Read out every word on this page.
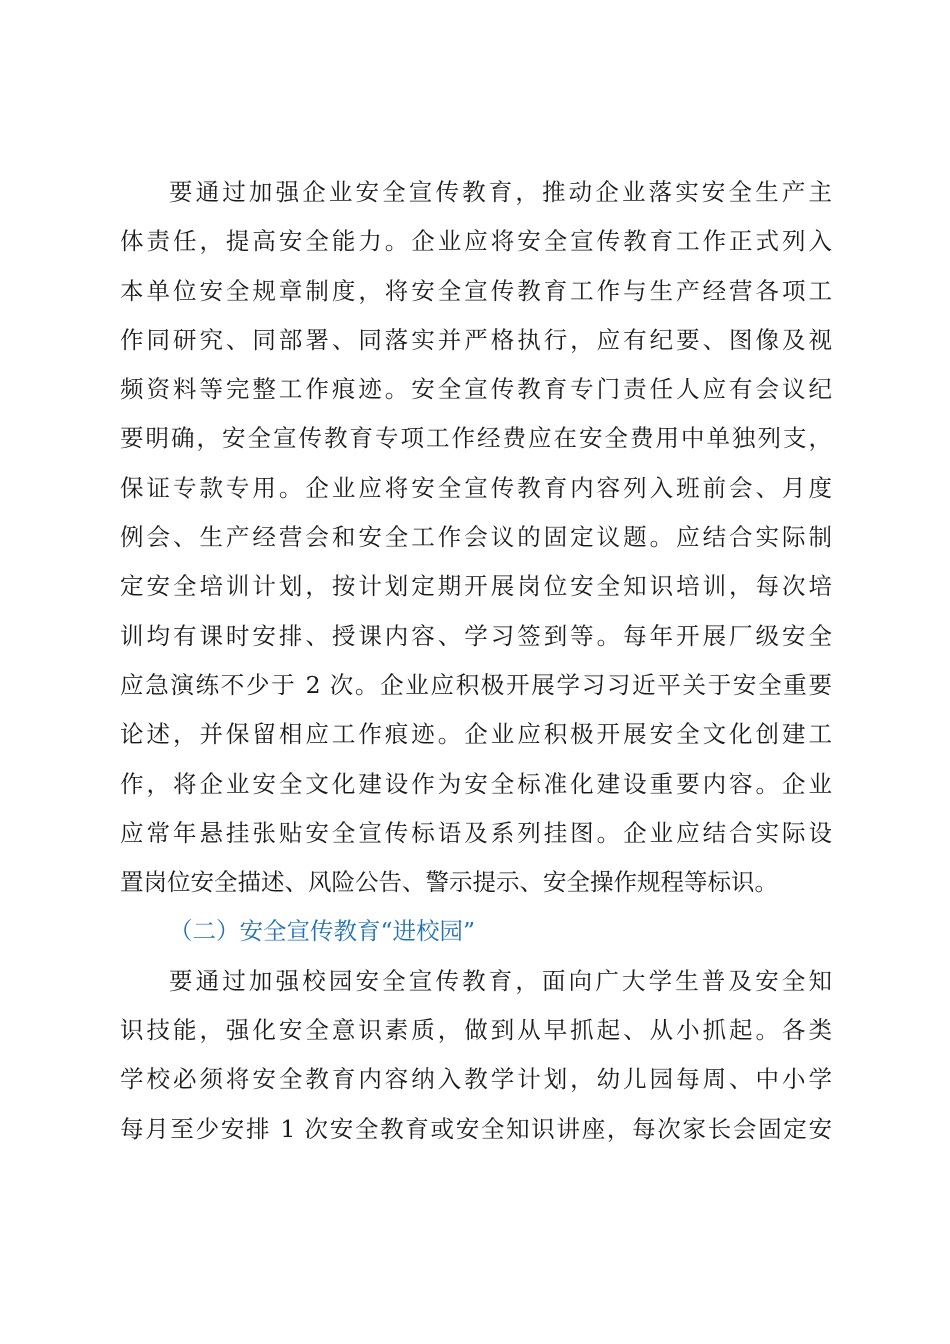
要通过加强企业安全宣传教育，推动企业落实安全生产主
体责任，提高安全能力。企业应将安全宣传教育工作正式列入
本单位安全规章制度，将安全宣传教育工作与生产经营各项工
作同研究、同部署、同落实并严格执行，应有纪要、图像及视
频资料等完整工作痕迹。安全宣传教育专门责任人应有会议纪
要明确，安全宣传教育专项工作经费应在安全费用中单独列支，
保证专款专用。企业应将安全宣传教育内容列入班前会、月度
例会、生产经营会和安全工作会议的固定议题。应结合实际制
定安全培训计划，按计划定期开展岗位安全知识培训，每次培
训均有课时安排、授课内容、学习签到等。每年开展厂级安全
应急演练不少于 2 次。企业应积极开展学习习近平关于安全重要
论述，并保留相应工作痕迹。企业应积极开展安全文化创建工
作，将企业安全文化建设作为安全标准化建设重要内容。企业
应常年悬挂张贴安全宣传标语及系列挂图。企业应结合实际设
置岗位安全描述、风险公告、警示提示、安全操作规程等标识。
（二）安全宣传教育“进校园”
要通过加强校园安全宣传教育，面向广大学生普及安全知
识技能，强化安全意识素质，做到从早抓起、从小抓起。各类
学校必须将安全教育内容纳入教学计划，幼儿园每周、中小学
每月至少安排 1 次安全教育或安全知识讲座，每次家长会固定安
